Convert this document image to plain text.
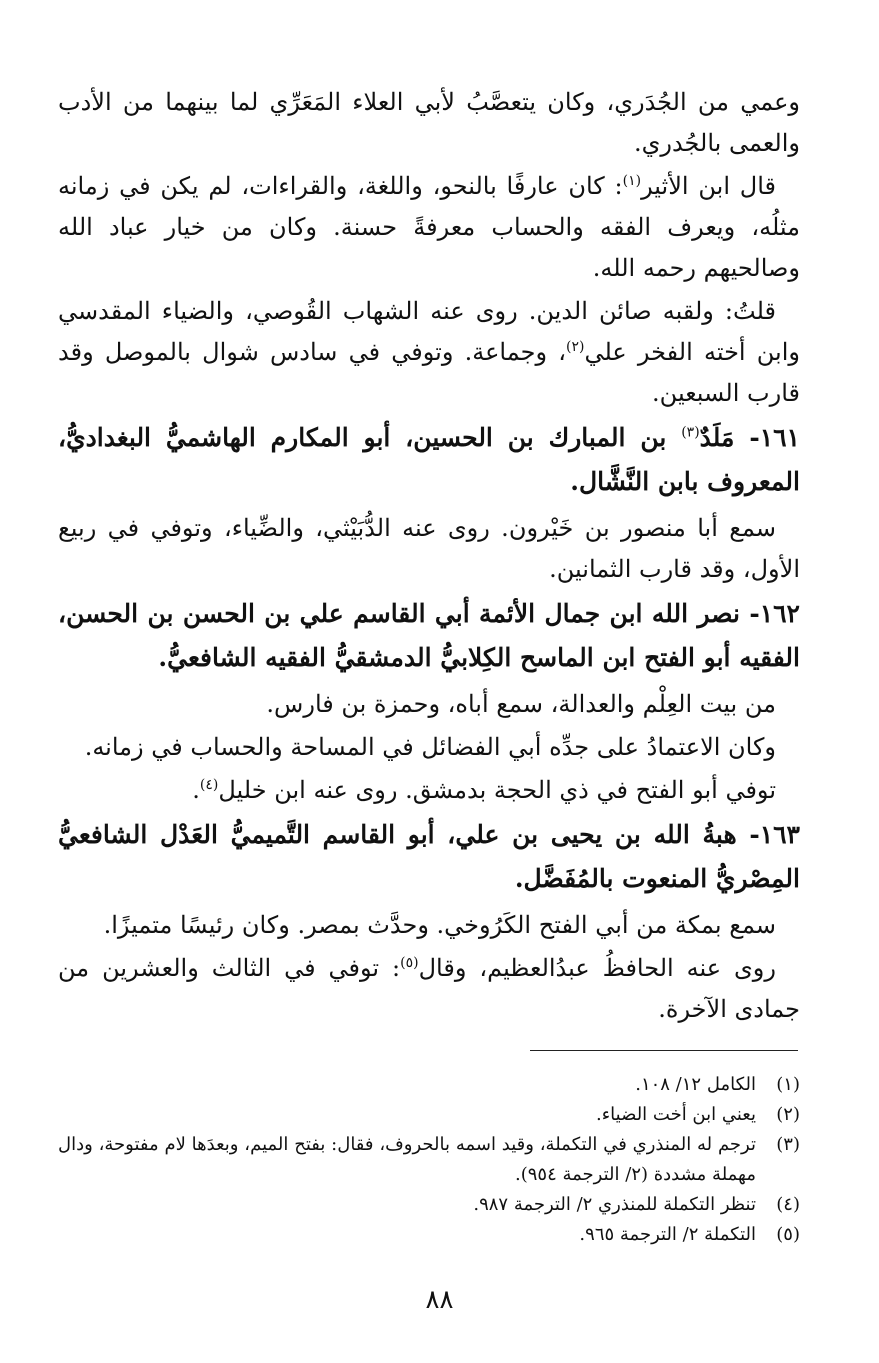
وعمي من الجُدَري، وكان يتعصَّبُ لأبي العلاء المَعَرِّي لما بينهما من الأدب والعمى بالجُدري.

قال ابن الأثير$^{(١)}$: كان عارفًا بالنحو، واللغة، والقراءات، لم يكن في زمانه مثلُه، ويعرف الفقه والحساب معرفةً حسنة. وكان من خيار عباد الله وصالحيهم رحمه الله.

قلتُ: ولقبه صائن الدين. روى عنه الشهاب القُوصي، والضياء المقدسي وابن أخته الفخر علي$^{(٢)}$، وجماعة. وتوفي في سادس شوال بالموصل وقد قارب السبعين.

١٦١- مَلَدٌ$^{(٣)}$ بن المبارك بن الحسين، أبو المكارم الهاشميُّ البغداديُّ، المعروف بابن النَّشَّال.

سمع أبا منصور بن خَيْرون. روى عنه الدُّبَيْثي، والضِّياء، وتوفي في ربيع الأول، وقد قارب الثمانين.

١٦٢- نصر الله ابن جمال الأئمة أبي القاسم علي بن الحسن بن الحسن، الفقيه أبو الفتح ابن الماسح الكِلابيُّ الدمشقيُّ الفقيه الشافعيُّ.

من بيت العِلْم والعدالة، سمع أباه، وحمزة بن فارس.

وكان الاعتمادُ على جدِّه أبي الفضائل في المساحة والحساب في زمانه.

توفي أبو الفتح في ذي الحجة بدمشق. روى عنه ابن خليل$^{(٤)}$.

١٦٣- هبةُ الله بن يحيى بن علي، أبو القاسم التَّميميُّ العَدْل الشافعيُّ المِصْريُّ المنعوت بالمُفَضَّل.

سمع بمكة من أبي الفتح الكَرُوخي. وحدَّث بمصر. وكان رئيسًا متميزًا.

روى عنه الحافظُ عبدُالعظيم، وقال$^{(٥)}$: توفي في الثالث والعشرين من جمادى الآخرة.

(١)
الكامل ١٢/ ١٠٨.
(٢)
يعني ابن أخت الضياء.
(٣)
ترجم له المنذري في التكملة، وقيد اسمه بالحروف، فقال: بفتح الميم، وبعدَها لام مفتوحة، ودال مهملة مشددة (٢/ الترجمة ٩٥٤).
(٤)
تنظر التكملة للمنذري ٢/ الترجمة ٩٨٧.
(٥)
التكملة ٢/ الترجمة ٩٦٥.
٨٨
